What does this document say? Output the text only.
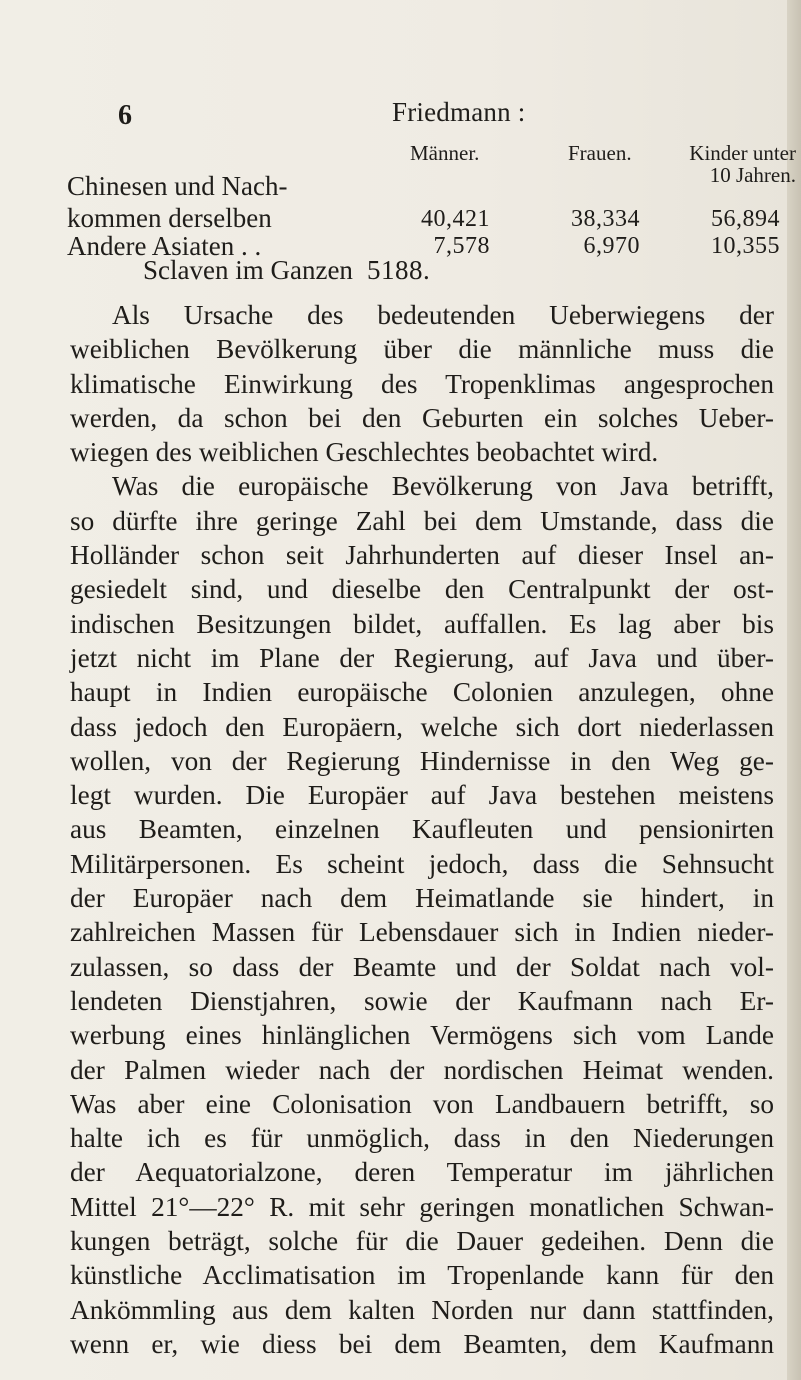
6	Friedmann :
Männer.	Frauen.	Kinder unter
10 Jahren.
Chinesen und Nach-
kommen derselben	40,421	38,334	56,894
Andere Asiaten . .	7,578	6,970	10,355
Sclaven im Ganzen 5188.
Als Ursache des bedeutenden Ueberwiegens der
weiblichen Bevölkerung über die männliche muss die
klimatische Einwirkung des Tropenklimas angesprochen
werden, da schon bei den Geburten ein solches Ueber-
wiegen des weiblichen Geschlechtes beobachtet wird.
Was die europäische Bevölkerung von Java betrifft,
so dürfte ihre geringe Zahl bei dem Umstande, dass die
Holländer schon seit Jahrhunderten auf dieser Insel an-
gesiedelt sind, und dieselbe den Centralpunkt der ost-
indischen Besitzungen bildet, auffallen. Es lag aber bis
jetzt nicht im Plane der Regierung, auf Java und über-
haupt in Indien europäische Colonien anzulegen, ohne
dass jedoch den Europäern, welche sich dort niederlassen
wollen, von der Regierung Hindernisse in den Weg ge-
legt wurden. Die Europäer auf Java bestehen meistens
aus Beamten, einzelnen Kaufleuten und pensionirten
Militärpersonen. Es scheint jedoch, dass die Sehnsucht
der Europäer nach dem Heimatlande sie hindert, in
zahlreichen Massen für Lebensdauer sich in Indien nieder-
zulassen, so dass der Beamte und der Soldat nach vol-
lendeten Dienstjahren, sowie der Kaufmann nach Er-
werbung eines hinlänglichen Vermögens sich vom Lande
der Palmen wieder nach der nordischen Heimat wenden.
Was aber eine Colonisation von Landbauern betrifft, so
halte ich es für unmöglich, dass in den Niederungen
der Aequatorialzone, deren Temperatur im jährlichen
Mittel 21°—22° R. mit sehr geringen monatlichen Schwan-
kungen beträgt, solche für die Dauer gedeihen. Denn die
künstliche Acclimatisation im Tropenlande kann für den
Ankömmling aus dem kalten Norden nur dann stattfinden,
wenn er, wie diess bei dem Beamten, dem Kaufmann
